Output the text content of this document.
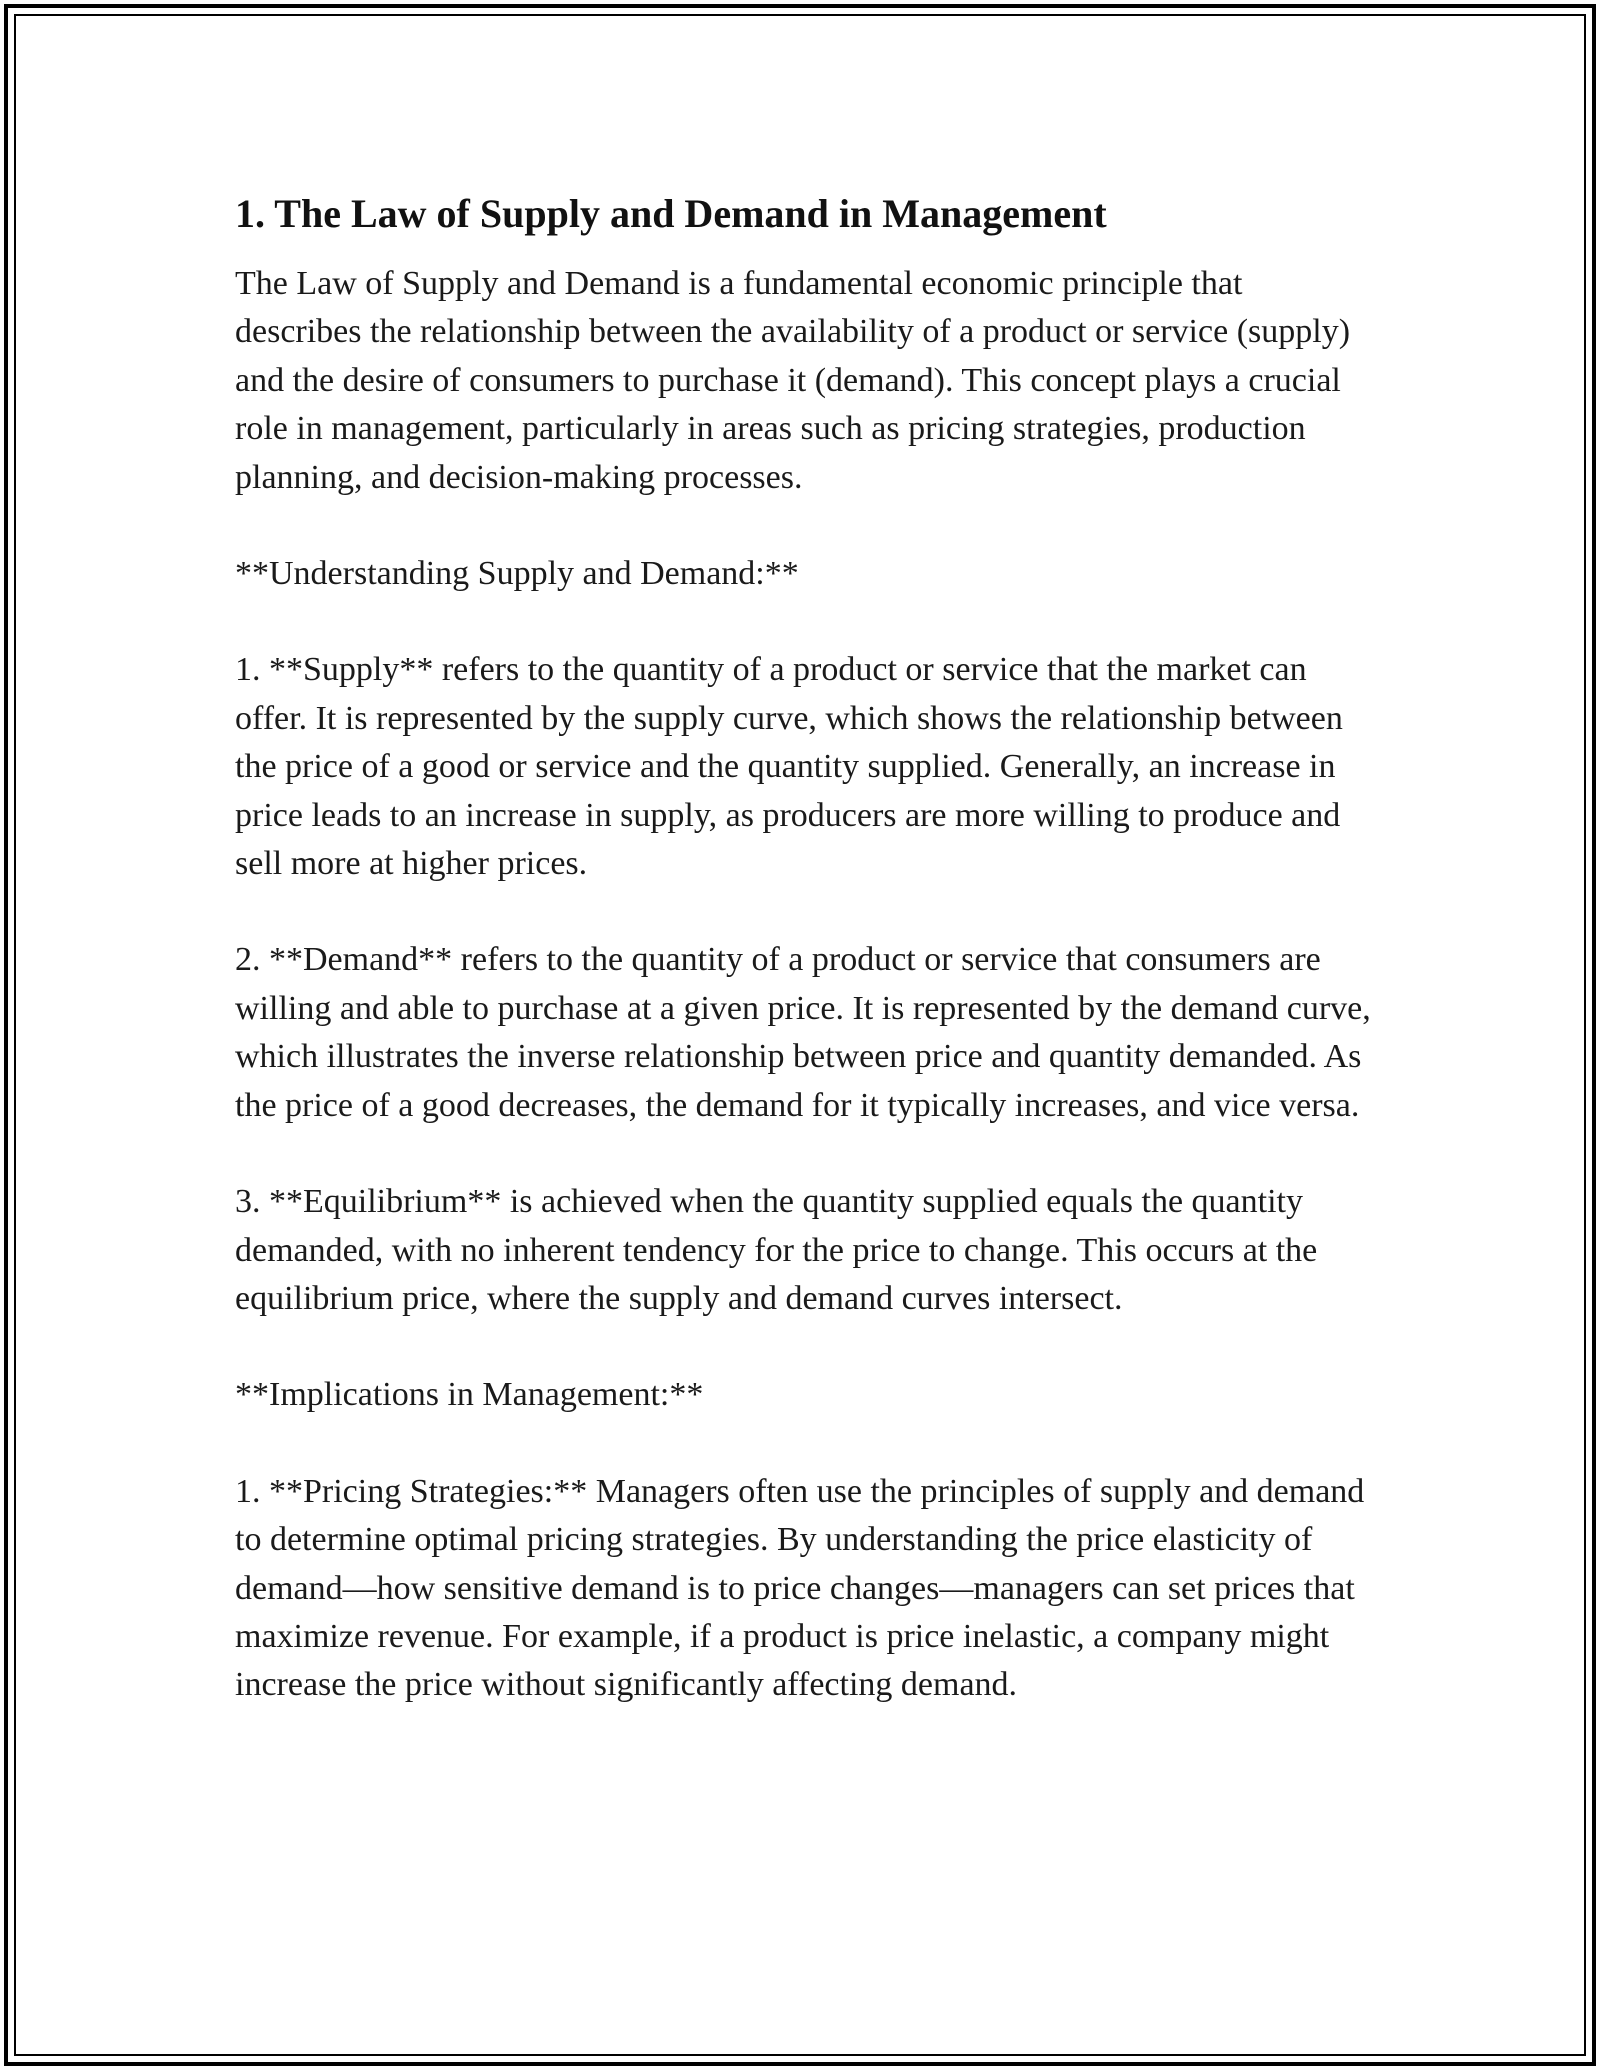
1. The Law of Supply and Demand in Management

The Law of Supply and Demand is a fundamental economic principle that describes the relationship between the availability of a product or service (supply) and the desire of consumers to purchase it (demand). This concept plays a crucial role in management, particularly in areas such as pricing strategies, production planning, and decision-making processes.

**Understanding Supply and Demand:**

1. **Supply** refers to the quantity of a product or service that the market can offer. It is represented by the supply curve, which shows the relationship between the price of a good or service and the quantity supplied. Generally, an increase in price leads to an increase in supply, as producers are more willing to produce and sell more at higher prices.

2. **Demand** refers to the quantity of a product or service that consumers are willing and able to purchase at a given price. It is represented by the demand curve, which illustrates the inverse relationship between price and quantity demanded. As the price of a good decreases, the demand for it typically increases, and vice versa.

3. **Equilibrium** is achieved when the quantity supplied equals the quantity demanded, with no inherent tendency for the price to change. This occurs at the equilibrium price, where the supply and demand curves intersect.

**Implications in Management:**

1. **Pricing Strategies:** Managers often use the principles of supply and demand to determine optimal pricing strategies. By understanding the price elasticity of demand—how sensitive demand is to price changes—managers can set prices that maximize revenue. For example, if a product is price inelastic, a company might increase the price without significantly affecting demand.
